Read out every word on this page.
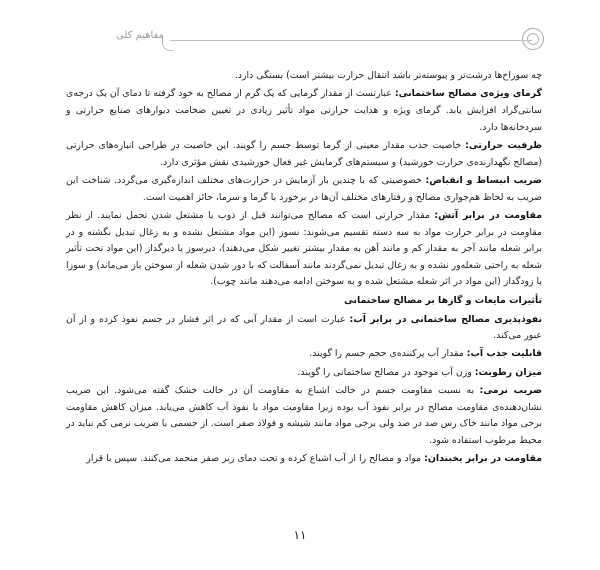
مفاهیم کلی

چه سوراخ‌ها درشت‌تر و پیوسته‌تر باشد انتقال حرارت بیشتر است) بستگی دارد.

گرمای ویژه‌ی مصالح ساختمانی: عبارتست از مقدار گرمایی که یک گرم از مصالح به خود گرفته تا دمای آن یک درجه‌ی سانتی‌گراد افزایش یابد. گرمای ویژه و هدایت حرارتی مواد تأثیر زیادی در تعیین ضخامت دیوارهای صنایع حرارتی و سردخانه‌ها دارد.

ظرفیت حرارتی: خاصیت جذب مقدار معینی از گرما توسط جسم را گویند. این خاصیت در طراحی انباره‌های حرارتی (مصالح نگهدارنده‌ی حرارت خورشید) و سیستم‌های گرمایش غیر فعال خورشیدی نقش مؤثری دارد.

ضریب انبساط و انقباض: خصوصیتی که با چندین بار آزمایش در حرارت‌های مختلف اندازه‌گیری می‌گردد. شناخت این ضریب به لحاظ هم‌جواری مصالح و رفتارهای مختلف آن‌ها در برخورد با گرما و سرما، حائز اهمیت است.

مقاومت در برابر آتش: مقدار حرارتی است که مصالح می‌توانند قبل از ذوب یا مشتعل شدن تحمل نمایند. از نظر مقاومت در برابر حرارت مواد به سه دسته تقسیم می‌شوند: نسوز (این مواد مشتعل نشده و به زغال تبدیل نگشته و در برابر شعله مانند آجر به مقدار کم و مانند آهن به مقدار بیشتر تغییر شکل می‌دهند)، دیرسوز یا دیرگداز (این مواد تحت تأثیر شعله به راحتی شعله‌ور نشده و به زغال تبدیل نمی‌گردند مانند آسفالت که با دور شدن شعله از سوختن باز می‌ماند) و سوزا یا زودگداز (این مواد در اثر شعله مشتعل شده و به سوختن ادامه می‌دهند مانند چوب).

تأثیرات مایعات و گازها بر مصالح ساختمانی

نفوذپذیری مصالح ساختمانی در برابر آب: عبارت است از مقدار آبی که در اثر فشار در جسم نفوذ کرده و از آن عبور می‌کند.

قابلیت جذب آب: مقدار آب پرکننده‌ی حجم جسم را گویند.

میزان رطوبت: وزن آب موجود در مصالح ساختمانی را گویند.

ضریب نرمی: به نسبت مقاومت جسم در حالت اشباع به مقاومت آن در حالت خشک گفته می‌شود. این ضریب نشان‌دهنده‌ی مقاومت مصالح در برابر نفوذ آب بوده زیرا مقاومت مواد با نفوذ آب کاهش می‌یابد. میزان کاهش مقاومت برخی مواد مانند خاک رس صد در صد ولی برخی مواد مانند شیشه و فولاد صفر است. از جسمی با ضریب نرمی کم نباید در محیط مرطوب استفاده شود.

مقاومت در برابر یخبندان: مواد و مصالح را از آب اشباع کرده و تحت دمای زیر صفر منجمد می‌کنند. سپس با قرار

۱۱
